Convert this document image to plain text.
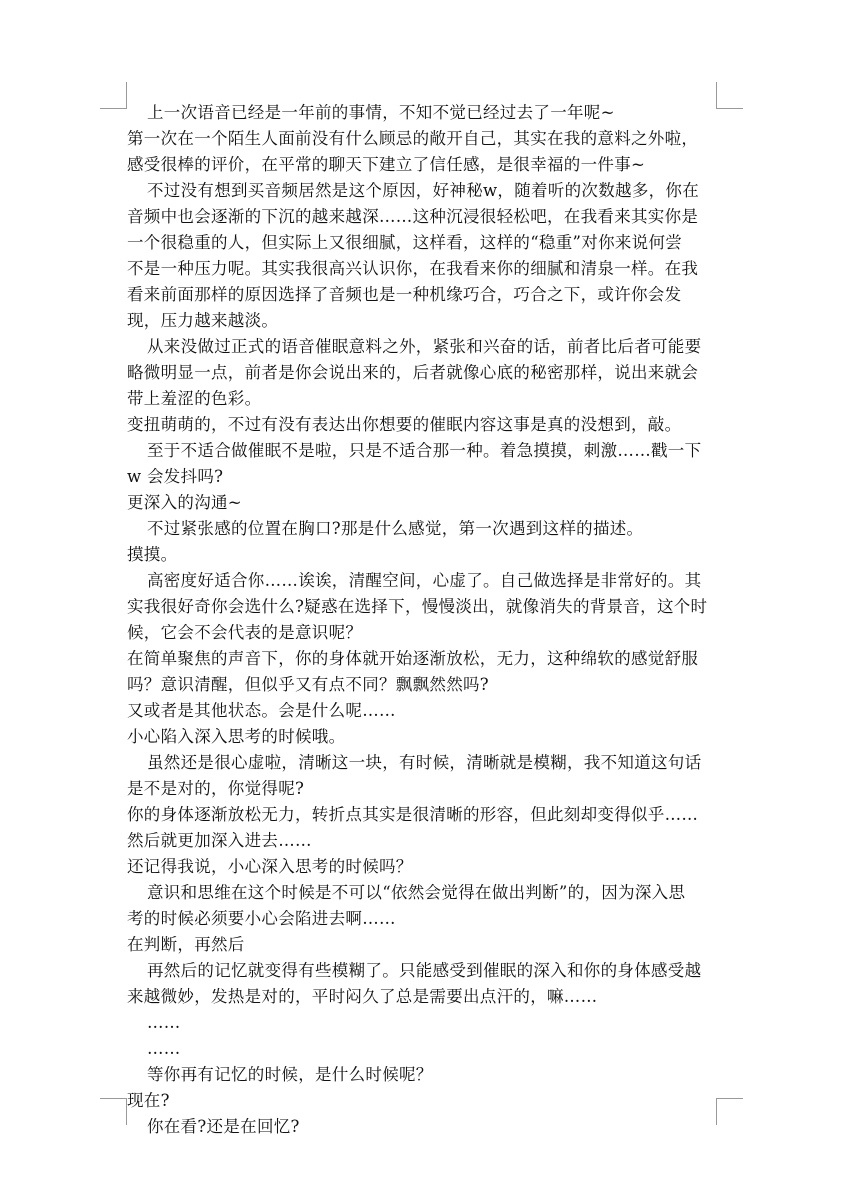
上一次语音已经是一年前的事情，不知不觉已经过去了一年呢~
第一次在一个陌生人面前没有什么顾忌的敞开自己，其实在我的意料之外啦，
感受很棒的评价，在平常的聊天下建立了信任感，是很幸福的一件事~
不过没有想到买音频居然是这个原因，好神秘w，随着听的次数越多，你在
音频中也会逐渐的下沉的越来越深……这种沉浸很轻松吧，在我看来其实你是
一个很稳重的人，但实际上又很细腻，这样看，这样的“稳重”对你来说何尝
不是一种压力呢。其实我很高兴认识你，在我看来你的细腻和清泉一样。在我
看来前面那样的原因选择了音频也是一种机缘巧合，巧合之下，或许你会发
现，压力越来越淡。
从来没做过正式的语音催眠意料之外，紧张和兴奋的话，前者比后者可能要
略微明显一点，前者是你会说出来的，后者就像心底的秘密那样，说出来就会
带上羞涩的色彩。
变扭萌萌的，不过有没有表达出你想要的催眠内容这事是真的没想到，敲。
至于不适合做催眠不是啦，只是不适合那一种。着急摸摸，刺激……戳一下
w 会发抖吗?
更深入的沟通~
不过紧张感的位置在胸口?那是什么感觉，第一次遇到这样的描述。
摸摸。
高密度好适合你……诶诶，清醒空间，心虚了。自己做选择是非常好的。其
实我很好奇你会选什么?疑惑在选择下，慢慢淡出，就像消失的背景音，这个时
候，它会不会代表的是意识呢？
在简单聚焦的声音下，你的身体就开始逐渐放松，无力，这种绵软的感觉舒服
吗？意识清醒，但似乎又有点不同？飘飘然然吗?
又或者是其他状态。会是什么呢……
小心陷入深入思考的时候哦。
虽然还是很心虚啦，清晰这一块，有时候，清晰就是模糊，我不知道这句话
是不是对的，你觉得呢?
你的身体逐渐放松无力，转折点其实是很清晰的形容，但此刻却变得似乎……
然后就更加深入进去……
还记得我说，小心深入思考的时候吗？
意识和思维在这个时候是不可以“依然会觉得在做出判断”的，因为深入思
考的时候必须要小心会陷进去啊……
在判断，再然后
再然后的记忆就变得有些模糊了。只能感受到催眠的深入和你的身体感受越
来越微妙，发热是对的，平时闷久了总是需要出点汗的，嘛……
……
……
等你再有记忆的时候，是什么时候呢？
现在?
你在看?还是在回忆?
